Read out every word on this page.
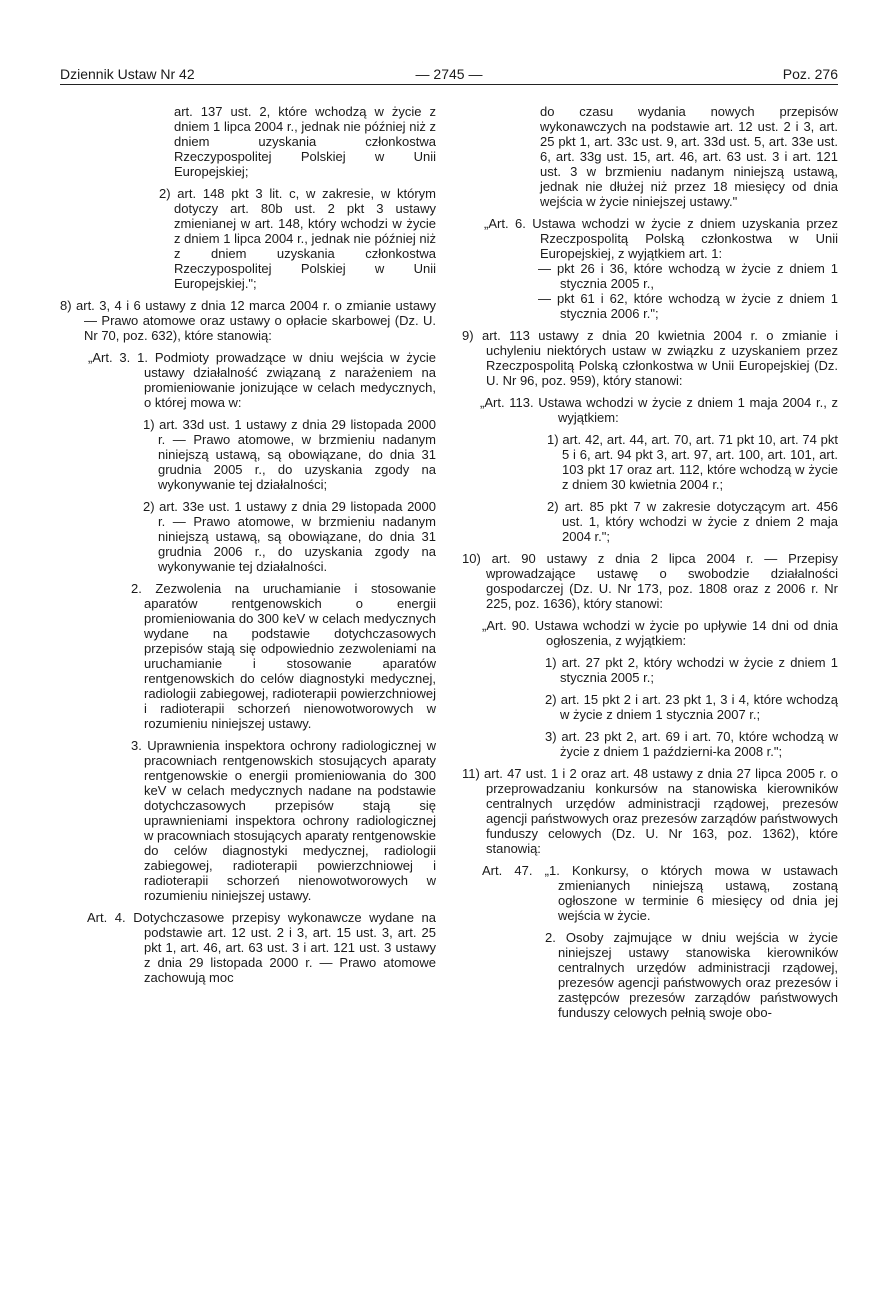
Dziennik Ustaw Nr 42	— 2745 —	Poz. 276
art. 137 ust. 2, które wchodzą w życie z dniem 1 lipca 2004 r., jednak nie później niż z dniem uzyskania członkostwa Rzeczypospolitej Polskiej w Unii Europejskiej;
2) art. 148 pkt 3 lit. c, w zakresie, w którym dotyczy art. 80b ust. 2 pkt 3 ustawy zmienianej w art. 148, który wchodzi w życie z dniem 1 lipca 2004 r., jednak nie później niż z dniem uzyskania członkostwa Rzeczypospolitej Polskiej w Unii Europejskiej.";
8) art. 3, 4 i 6 ustawy z dnia 12 marca 2004 r. o zmianie ustawy — Prawo atomowe oraz ustawy o opłacie skarbowej (Dz. U. Nr 70, poz. 632), które stanowią:
„Art. 3. 1. Podmioty prowadzące w dniu wejścia w życie ustawy działalność związaną z narażeniem na promieniowanie jonizujące w celach medycznych, o której mowa w:
1) art. 33d ust. 1 ustawy z dnia 29 listopada 2000 r. — Prawo atomowe, w brzmieniu nadanym niniejszą ustawą, są obowiązane, do dnia 31 grudnia 2005 r., do uzyskania zgody na wykonywanie tej działalności;
2) art. 33e ust. 1 ustawy z dnia 29 listopada 2000 r. — Prawo atomowe, w brzmieniu nadanym niniejszą ustawą, są obowiązane, do dnia 31 grudnia 2006 r., do uzyskania zgody na wykonywanie tej działalności.
2. Zezwolenia na uruchamianie i stosowanie aparatów rentgenowskich o energii promieniowania do 300 keV w celach medycznych wydane na podstawie dotychczasowych przepisów stają się odpowiednio zezwoleniami na uruchamianie i stosowanie aparatów rentgenowskich do celów diagnostyki medycznej, radiologii zabiegowej, radioterapii powierzchniowej i radioterapii schorzeń nienowotworowych w rozumieniu niniejszej ustawy.
3. Uprawnienia inspektora ochrony radiologicznej w pracowniach rentgenowskich stosujących aparaty rentgenowskie o energii promieniowania do 300 keV w celach medycznych nadane na podstawie dotychczasowych przepisów stają się uprawnieniami inspektora ochrony radiologicznej w pracowniach stosujących aparaty rentgenowskie do celów diagnostyki medycznej, radiologii zabiegowej, radioterapii powierzchniowej i radioterapii schorzeń nienowotworowych w rozumieniu niniejszej ustawy.
Art. 4. Dotychczasowe przepisy wykonawcze wydane na podstawie art. 12 ust. 2 i 3, art. 15 ust. 3, art. 25 pkt 1, art. 46, art. 63 ust. 3 i art. 121 ust. 3 ustawy z dnia 29 listopada 2000 r. — Prawo atomowe zachowują moc
do czasu wydania nowych przepisów wykonawczych na podstawie art. 12 ust. 2 i 3, art. 25 pkt 1, art. 33c ust. 9, art. 33d ust. 5, art. 33e ust. 6, art. 33g ust. 15, art. 46, art. 63 ust. 3 i art. 121 ust. 3 w brzmieniu nadanym niniejszą ustawą, jednak nie dłużej niż przez 18 miesięcy od dnia wejścia w życie niniejszej ustawy."
„Art. 6. Ustawa wchodzi w życie z dniem uzyskania przez Rzeczpospolitą Polską członkostwa w Unii Europejskiej, z wyjątkiem art. 1:
— pkt 26 i 36, które wchodzą w życie z dniem 1 stycznia 2005 r.,
— pkt 61 i 62, które wchodzą w życie z dniem 1 stycznia 2006 r.";
9) art. 113 ustawy z dnia 20 kwietnia 2004 r. o zmianie i uchyleniu niektórych ustaw w związku z uzyskaniem przez Rzeczpospolitą Polską członkostwa w Unii Europejskiej (Dz. U. Nr 96, poz. 959), który stanowi:
„Art. 113. Ustawa wchodzi w życie z dniem 1 maja 2004 r., z wyjątkiem:
1) art. 42, art. 44, art. 70, art. 71 pkt 10, art. 74 pkt 5 i 6, art. 94 pkt 3, art. 97, art. 100, art. 101, art. 103 pkt 17 oraz art. 112, które wchodzą w życie z dniem 30 kwietnia 2004 r.;
2) art. 85 pkt 7 w zakresie dotyczącym art. 456 ust. 1, który wchodzi w życie z dniem 2 maja 2004 r.";
10) art. 90 ustawy z dnia 2 lipca 2004 r. — Przepisy wprowadzające ustawę o swobodzie działalności gospodarczej (Dz. U. Nr 173, poz. 1808 oraz z 2006 r. Nr 225, poz. 1636), który stanowi:
„Art. 90. Ustawa wchodzi w życie po upływie 14 dni od dnia ogłoszenia, z wyjątkiem:
1) art. 27 pkt 2, który wchodzi w życie z dniem 1 stycznia 2005 r.;
2) art. 15 pkt 2 i art. 23 pkt 1, 3 i 4, które wchodzą w życie z dniem 1 stycznia 2007 r.;
3) art. 23 pkt 2, art. 69 i art. 70, które wchodzą w życie z dniem 1 październi-ka 2008 r.";
11) art. 47 ust. 1 i 2 oraz art. 48 ustawy z dnia 27 lipca 2005 r. o przeprowadzaniu konkursów na stanowiska kierowników centralnych urzędów administracji rządowej, prezesów agencji państwowych oraz prezesów zarządów państwowych funduszy celowych (Dz. U. Nr 163, poz. 1362), które stanowią:
Art. 47. „1. Konkursy, o których mowa w ustawach zmienianych niniejszą ustawą, zostaną ogłoszone w terminie 6 miesięcy od dnia jej wejścia w życie.
2. Osoby zajmujące w dniu wejścia w życie niniejszej ustawy stanowiska kierowników centralnych urzędów administracji rządowej, prezesów agencji państwowych oraz prezesów i zastępców prezesów zarządów państwowych funduszy celowych pełnią swoje obo-
